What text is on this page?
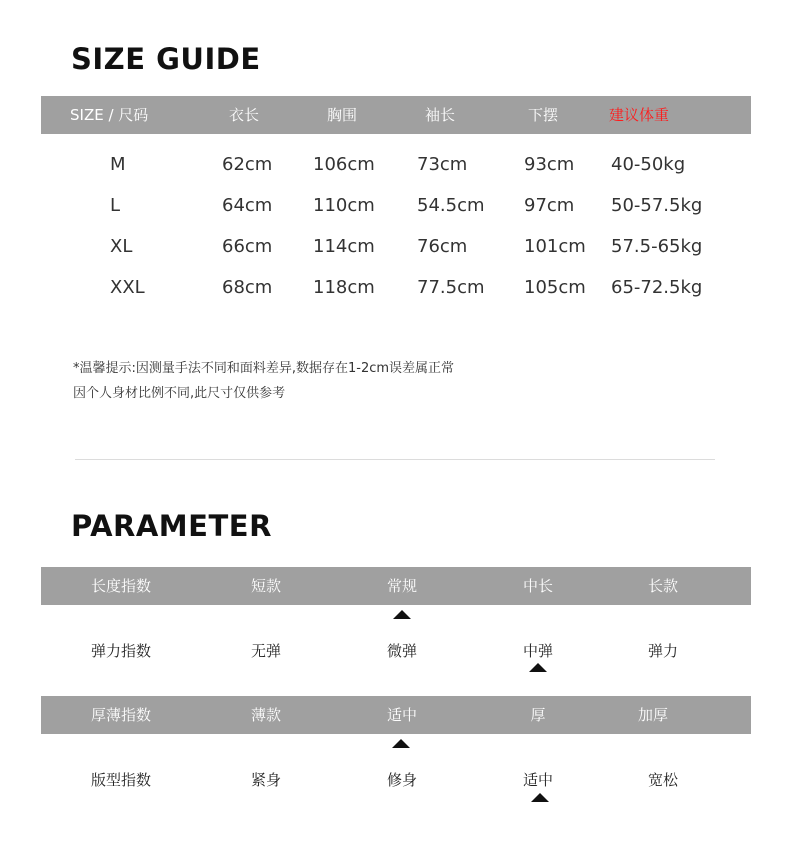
SIZE GUIDE
SIZE / 尺码	衣长	胸围	袖长	下摆	建议体重
M	62cm 106cm 73cm	93cm 40-50kg
L	64cm 110cm 54.5cm 97cm 50-57.5kg
XL	66cm 114cm 76cm	101cm 57.5-65kg
XXL	68cm 118cm 77.5cm 105cm 65-72.5kg
*温馨提示:因测量手法不同和面料差异,数据存在1-2cm误差属正常
因个人身材比例不同,此尺寸仅供参考
PARAMETER
长度指数	短款	常规	中长	长款
弹力指数	无弹	微弹	中弹	弹力
厚薄指数	薄款	适中	厚	加厚
版型指数	紧身	修身	适中	宽松
